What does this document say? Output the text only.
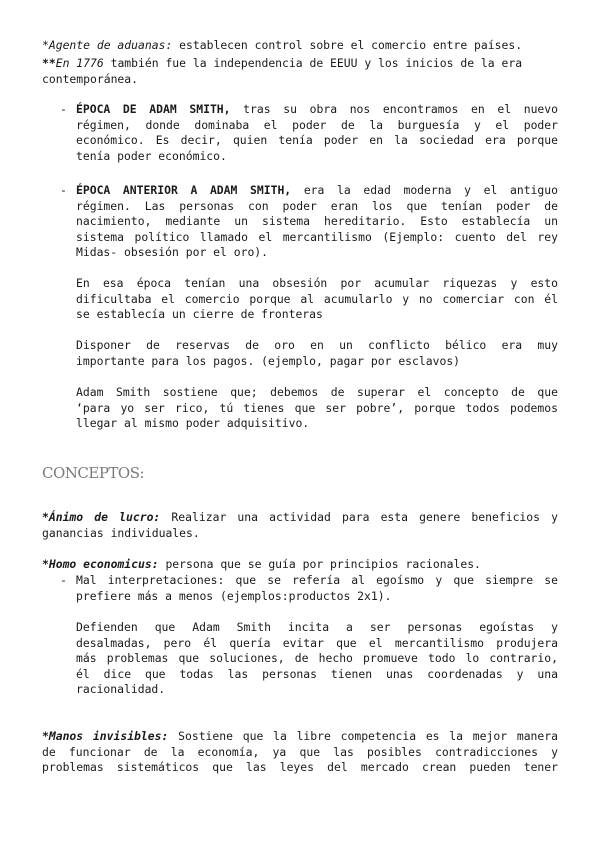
*Agente de aduanas: establecen control sobre el comercio entre países.
**En 1776 también fue la independencia de EEUU y los inicios de la era
contemporánea.
- ÉPOCA DE ADAM SMITH, tras su obra nos encontramos en el nuevo
régimen, donde dominaba el poder de la burguesía y el poder
económico. Es decir, quien tenía poder en la sociedad era porque
tenía poder económico.
- ÉPOCA ANTERIOR A ADAM SMITH, era la edad moderna y el antiguo
régimen. Las personas con poder eran los que tenían poder de
nacimiento, mediante un sistema hereditario. Esto establecía un
sistema político llamado el mercantilismo (Ejemplo: cuento del rey
Midas- obsesión por el oro).
En esa época tenían una obsesión por acumular riquezas y esto
dificultaba el comercio porque al acumularlo y no comerciar con él
se establecía un cierre de fronteras
Disponer de reservas de oro en un conflicto bélico era muy
importante para los pagos. (ejemplo, pagar por esclavos)
Adam Smith sostiene que; debemos de superar el concepto de que
‘para yo ser rico, tú tienes que ser pobre’, porque todos podemos
llegar al mismo poder adquisitivo.
CONCEPTOS:
*Ánimo de lucro: Realizar una actividad para esta genere beneficios y
ganancias individuales.
*Homo economicus: persona que se guía por principios racionales.
- Mal interpretaciones: que se refería al egoísmo y que siempre se
prefiere más a menos (ejemplos:productos 2x1).
Defienden que Adam Smith incita a ser personas egoístas y
desalmadas, pero él quería evitar que el mercantilismo produjera
más problemas que soluciones, de hecho promueve todo lo contrario,
él dice que todas las personas tienen unas coordenadas y una
racionalidad.
*Manos invisibles: Sostiene que la libre competencia es la mejor manera
de funcionar de la economía, ya que las posibles contradicciones y
problemas sistemáticos que las leyes del mercado crean pueden tener
